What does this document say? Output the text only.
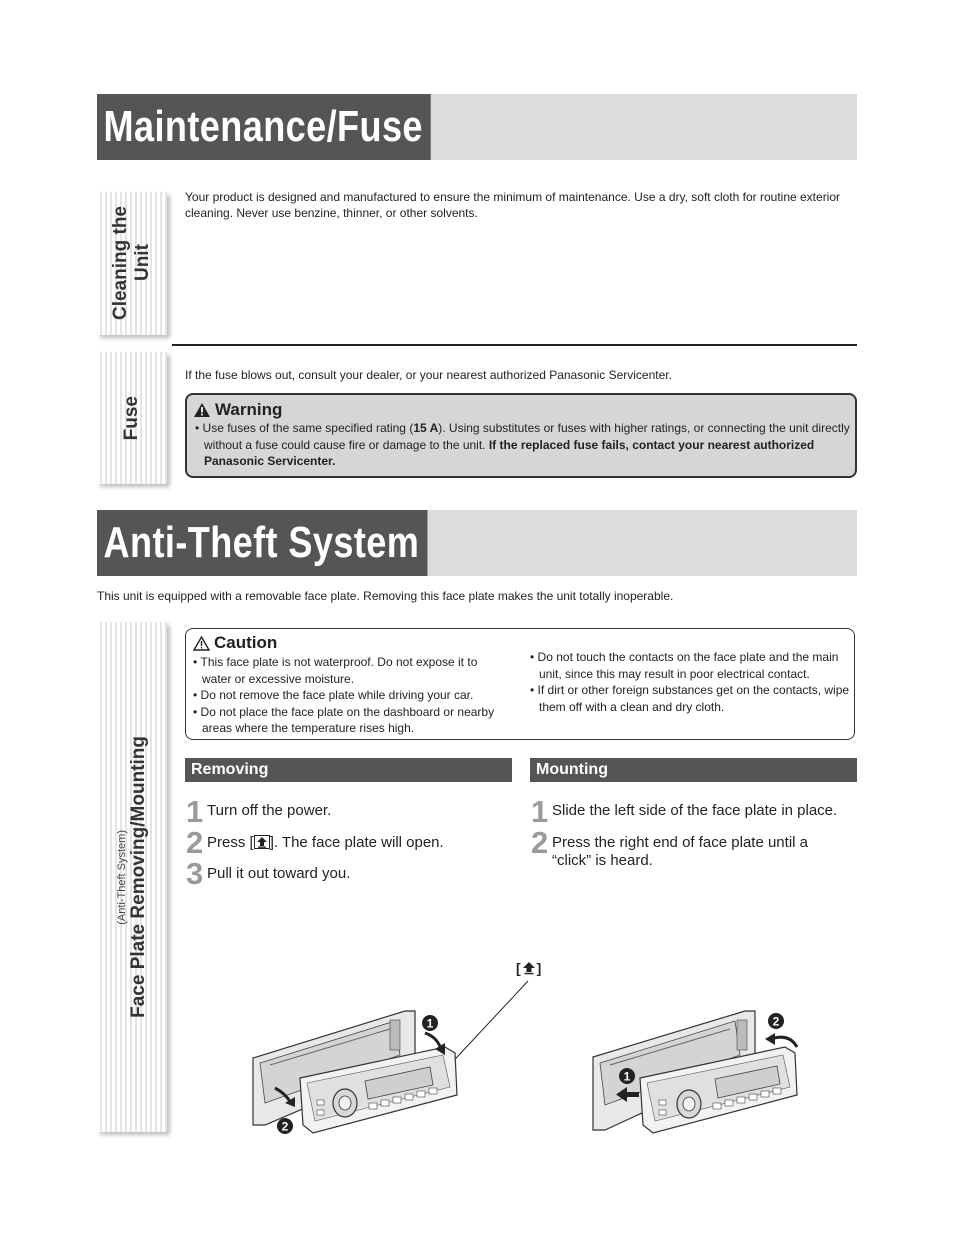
Maintenance/Fuse
Cleaning the
Unit
Your product is designed and manufactured to ensure the minimum of maintenance. Use a dry, soft cloth for routine exterior cleaning. Never use benzine, thinner, or other solvents.
Fuse
If the fuse blows out, consult your dealer, or your nearest authorized Panasonic Servicenter.
Warning
• Use fuses of the same specified rating (15 A). Using substitutes or fuses with higher ratings, or connecting the unit directly without a fuse could cause fire or damage to the unit. If the replaced fuse fails, contact your nearest authorized Panasonic Servicenter.
Anti-Theft System
This unit is equipped with a removable face plate. Removing this face plate makes the unit totally inoperable.
(Anti-Theft System) Face Plate Removing/Mounting
Caution
• This face plate is not waterproof. Do not expose it to water or excessive moisture.
• Do not remove the face plate while driving your car.
• Do not place the face plate on the dashboard or nearby areas where the temperature rises high.
• Do not touch the contacts on the face plate and the main unit, since this may result in poor electrical contact.
• If dirt or other foreign substances get on the contacts, wipe them off with a clean and dry cloth.
Removing
1 Turn off the power.
2 Press [ ]. The face plate will open.
3 Pull it out toward you.
Mounting
1 Slide the left side of the face plate in place.
2 Press the right end of face plate until a “click” is heard.
[ ]
1
2
1
2
